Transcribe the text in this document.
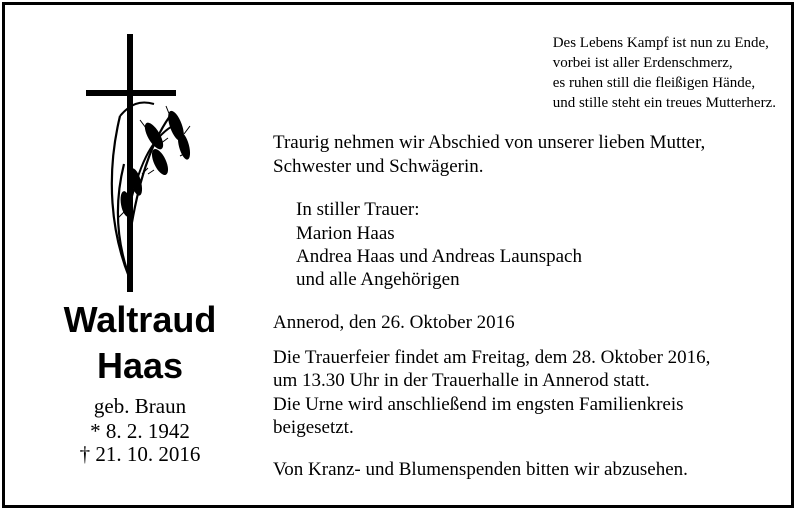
Waltraud
Haas
geb. Braun
* 8. 2. 1942
† 21. 10. 2016
Des Lebens Kampf ist nun zu Ende,
vorbei ist aller Erdenschmerz,
es ruhen still die fleißigen Hände,
und stille steht ein treues Mutterherz.
Traurig nehmen wir Abschied von unserer lieben Mutter,
Schwester und Schwägerin.
In stiller Trauer:
Marion Haas
Andrea Haas und Andreas Launspach
und alle Angehörigen
Annerod, den 26. Oktober 2016
Die Trauerfeier findet am Freitag, dem 28. Oktober 2016,
um 13.30 Uhr in der Trauerhalle in Annerod statt.
Die Urne wird anschließend im engsten Familienkreis
beigesetzt.
Von Kranz- und Blumenspenden bitten wir abzusehen.
